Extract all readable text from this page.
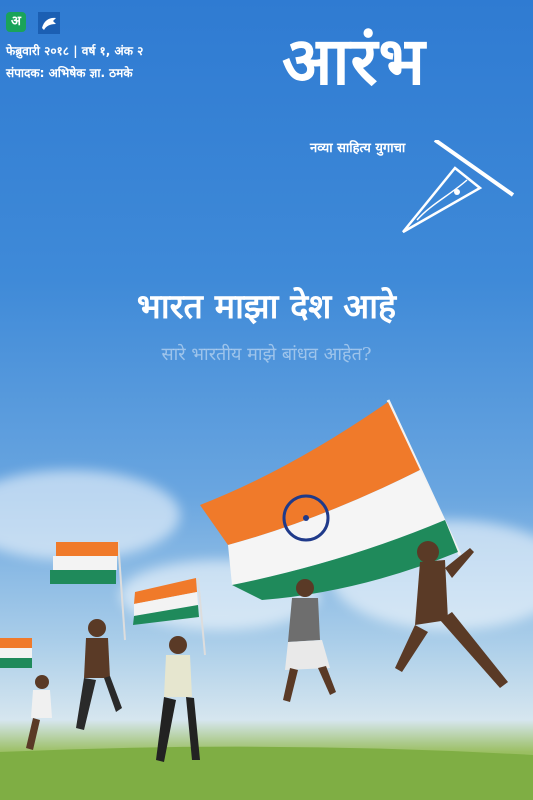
अ
फेब्रुवारी २०१८ | वर्ष १, अंक २
संपादक: अभिषेक ज्ञा. ठमके आरंभ
नव्या साहित्य युगाचा
भारत माझा देश आहे
सारे भारतीय माझे बांधव आहेत?
